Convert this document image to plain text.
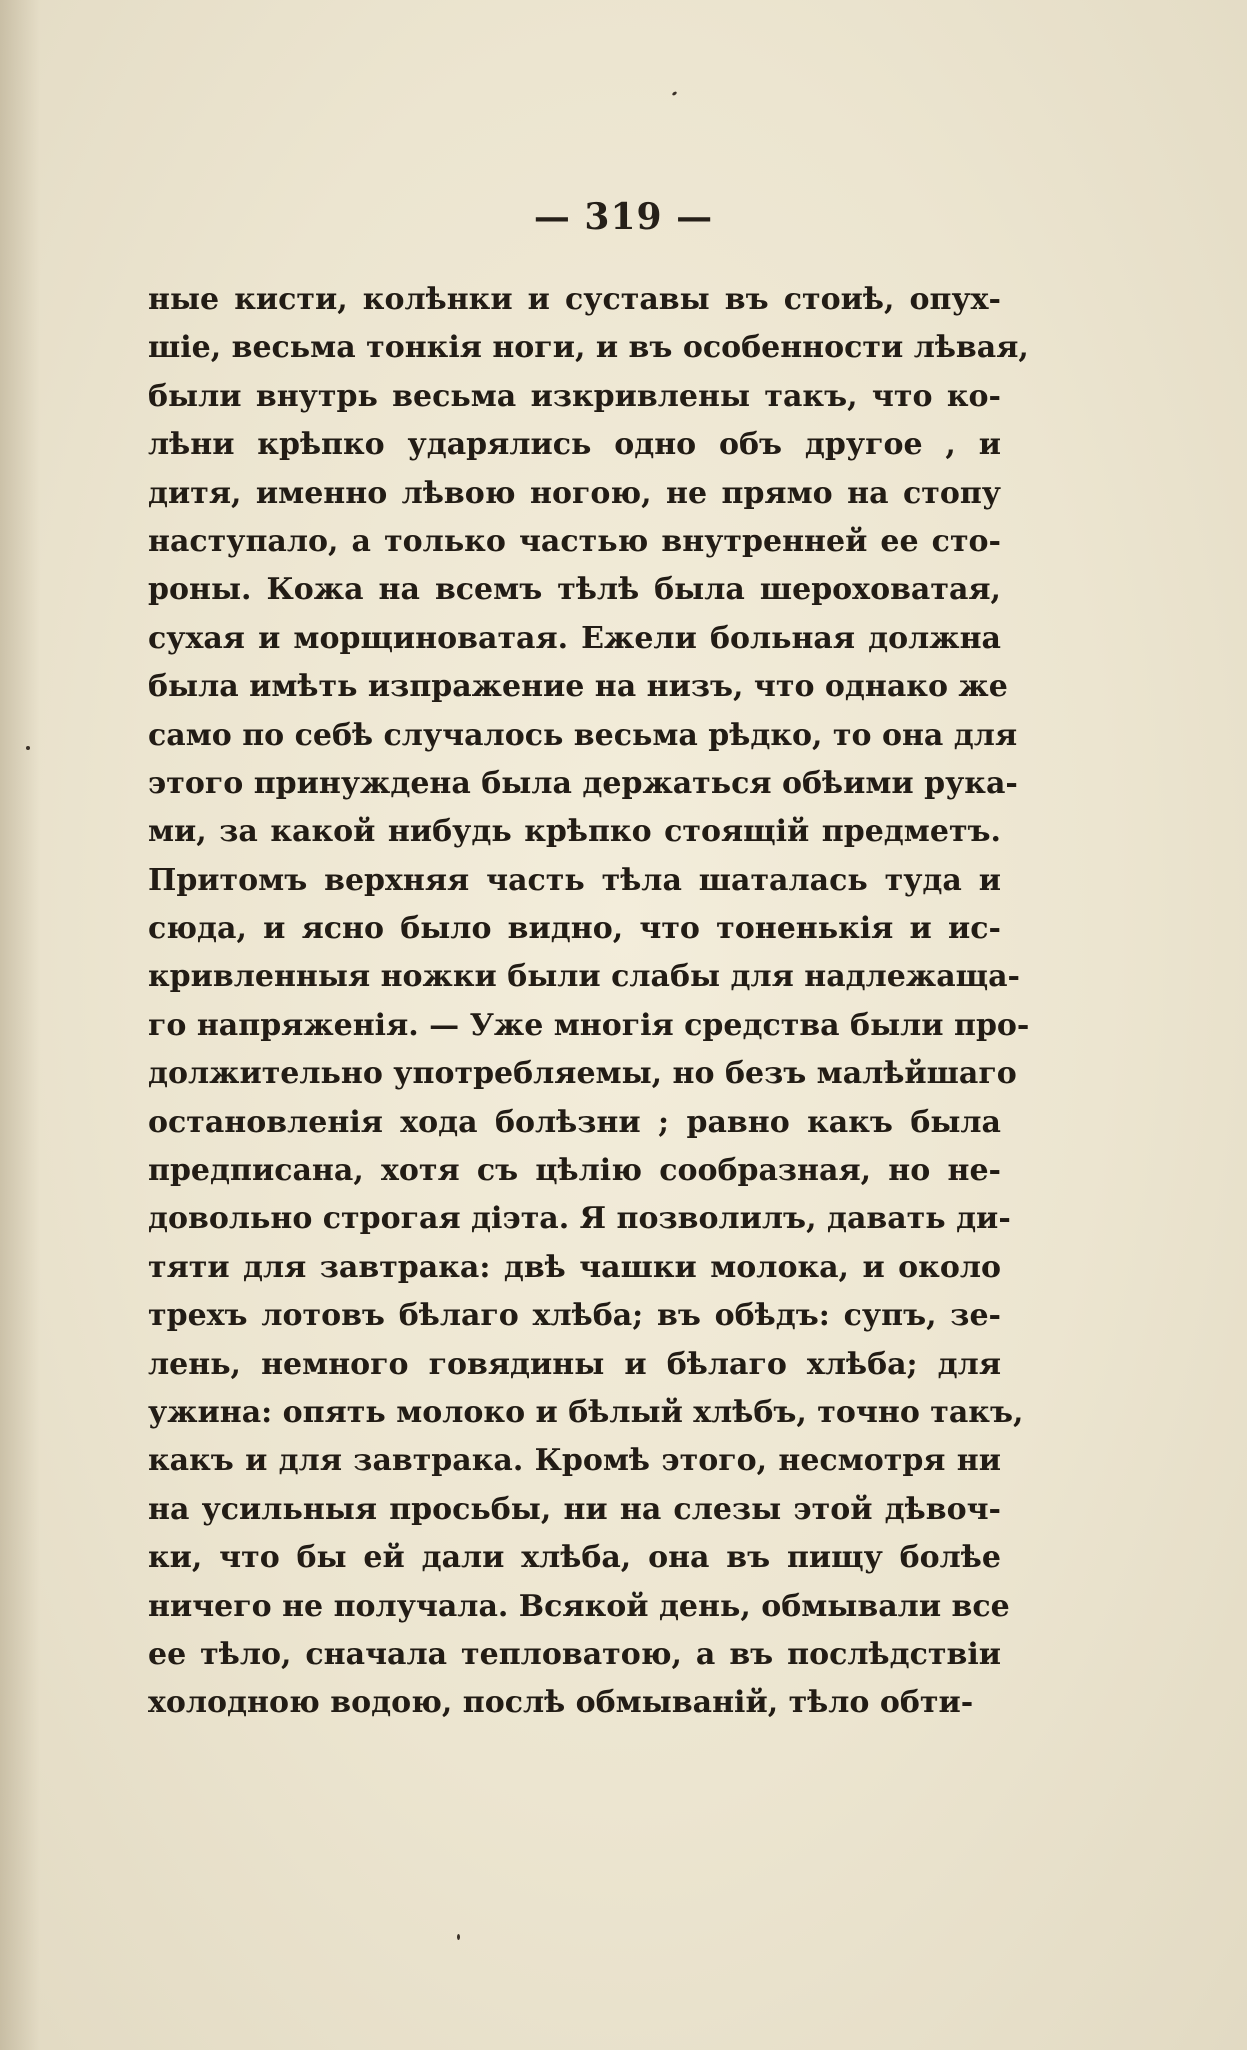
— 319 —
ные кисти, колѣнки и суставы въ стоиѣ, опух-
шіе, весьма тонкія ноги, и въ особенности лѣвая,
были внутрь весьма изкривлены такъ, что ко-
лѣни крѣпко ударялись одно объ другое , и
дитя, именно лѣвою ногою, не прямо на стопу
наступало, а только частью внутренней ее сто-
роны. Кожа на всемъ тѣлѣ была шероховатая,
сухая и морщиноватая. Ежели больная должна
была имѣть изпражение на низъ, что однако же
само по себѣ случалось весьма рѣдко, то она для
этого принуждена была держаться обѣими рука-
ми, за какой нибудь крѣпко стоящій предметъ.
Притомъ верхняя часть тѣла шаталась туда и
сюда, и ясно было видно, что тоненькія и ис-
кривленныя ножки были слабы для надлежаща-
го напряженія. — Уже многія средства были про-
должительно употребляемы, но безъ малѣйшаго
остановленія хода болѣзни ; равно какъ была
предписана, хотя съ цѣлію сообразная, но не-
довольно строгая діэта. Я позволилъ, давать ди-
тяти для завтрака: двѣ чашки молока, и около
трехъ лотовъ бѣлаго хлѣба; въ обѣдъ: супъ, зе-
лень, немного говядины и бѣлаго хлѣба; для
ужина: опять молоко и бѣлый хлѣбъ, точно такъ,
какъ и для завтрака. Кромѣ этого, несмотря ни
на усильныя просьбы, ни на слезы этой дѣвоч-
ки, что бы ей дали хлѣба, она въ пищу болѣе
ничего не получала. Всякой день, обмывали все
ее тѣло, сначала тепловатою, а въ послѣдствіи
холодною водою, послѣ обмываній, тѣло обти-
